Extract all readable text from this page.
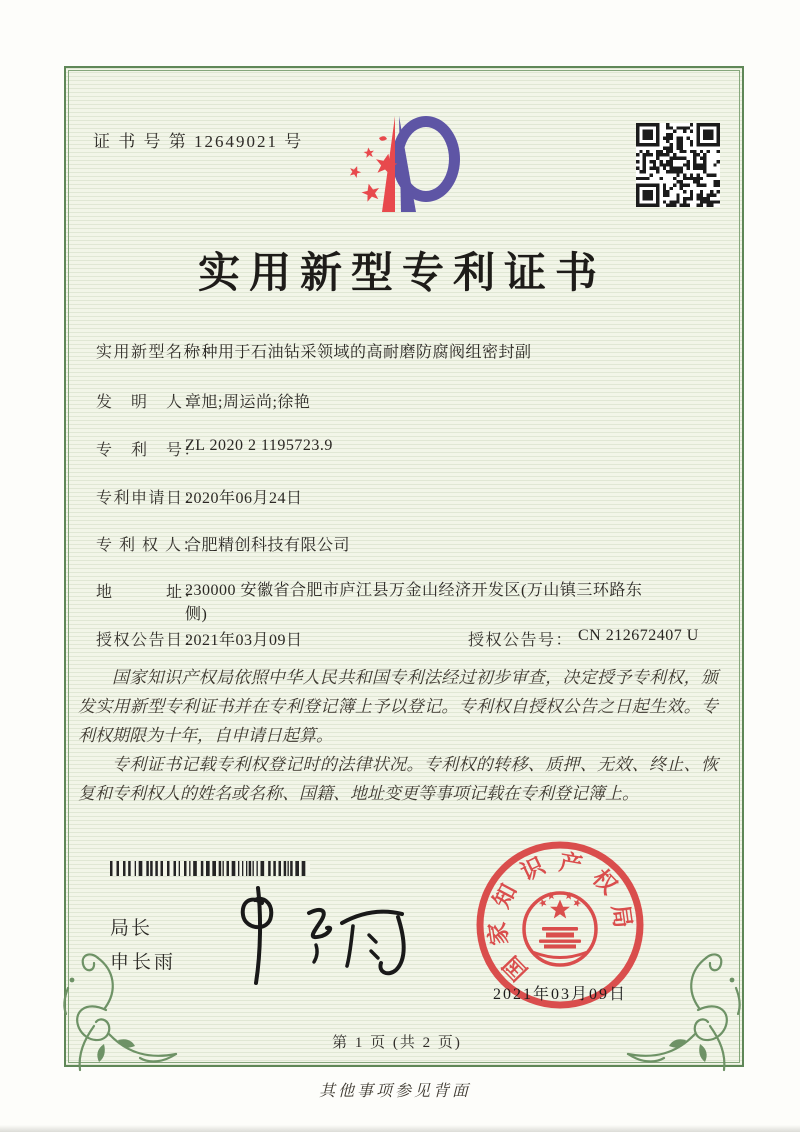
证 书 号 第 12649021 号
实用新型专利证书
实用新型名称：
一种用于石油钻采领域的高耐磨防腐阀组密封副
发　明　人：
章旭;周运尚;徐艳
专　利　号：
ZL 2020 2 1195723.9
专利申请日：
2020年06月24日
专 利 权 人：
合肥精创科技有限公司
地　　　址：
230000 安徽省合肥市庐江县万金山经济开发区(万山镇三环路东侧)
授权公告日：
2021年03月09日	授权公告号： CN 212672407 U

国家知识产权局依照中华人民共和国专利法经过初步审查，决定授予专利权，颁发实用新型专利证书并在专利登记簿上予以登记。专利权自授权公告之日起生效。专利权期限为十年，自申请日起算。

专利证书记载专利权登记时的法律状况。专利权的转移、质押、无效、终止、恢复和专利权人的姓名或名称、国籍、地址变更等事项记载在专利登记簿上。

局长
申长雨	国
家
知
识 产
权
局
2021年03月09日
第 1 页 (共 2 页)
其他事项参见背面
